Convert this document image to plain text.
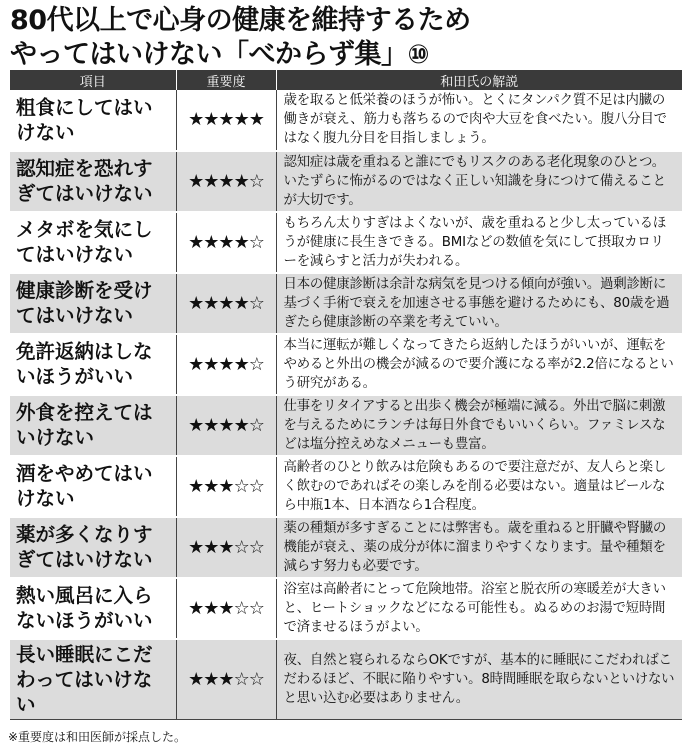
80代以上で心身の健康を維持するため
やってはいけない「べからず集」⑩
項目	重要度	和田氏の解説
粗食にしてはいけない	★★★★★	歳を取ると低栄養のほうが怖い。とくにタンパク質不足は内臓の働きが衰え、筋力も落ちるので肉や大豆を食べたい。腹八分目ではなく腹九分目を目指しましょう。
認知症を恐れすぎてはいけない	★★★★☆	認知症は歳を重ねると誰にでもリスクのある老化現象のひとつ。いたずらに怖がるのではなく正しい知識を身につけて備えることが大切です。
メタボを気にしてはいけない	★★★★☆	もちろん太りすぎはよくないが、歳を重ねると少し太っているほうが健康に長生きできる。BMIなどの数値を気にして摂取カロリーを減らすと活力が失われる。
健康診断を受けてはいけない	★★★★☆	日本の健康診断は余計な病気を見つける傾向が強い。過剰診断に基づく手術で衰えを加速させる事態を避けるためにも、80歳を過ぎたら健康診断の卒業を考えていい。
免許返納はしないほうがいい	★★★★☆	本当に運転が難しくなってきたら返納したほうがいいが、運転をやめると外出の機会が減るので要介護になる率が2.2倍になるという研究がある。
外食を控えてはいけない	★★★★☆	仕事をリタイアすると出歩く機会が極端に減る。外出で脳に刺激を与えるためにランチは毎日外食でもいいくらい。ファミレスなどは塩分控えめなメニューも豊富。
酒をやめてはいけない	★★★☆☆	高齢者のひとり飲みは危険もあるので要注意だが、友人らと楽しく飲むのであればその楽しみを削る必要はない。適量はビールなら中瓶1本、日本酒なら1合程度。
薬が多くなりすぎてはいけない	★★★☆☆	薬の種類が多すぎることには弊害も。歳を重ねると肝臓や腎臓の機能が衰え、薬の成分が体に溜まりやすくなります。量や種類を減らす努力も必要です。
熱い風呂に入らないほうがいい	★★★☆☆	浴室は高齢者にとって危険地帯。浴室と脱衣所の寒暖差が大きいと、ヒートショックなどになる可能性も。ぬるめのお湯で短時間で済ませるほうがよい。
長い睡眠にこだわってはいけない	★★★☆☆	夜、自然と寝られるならOKですが、基本的に睡眠にこだわればこだわるほど、不眠に陥りやすい。8時間睡眠を取らないといけないと思い込む必要はありません。
※重要度は和田医師が採点した。
